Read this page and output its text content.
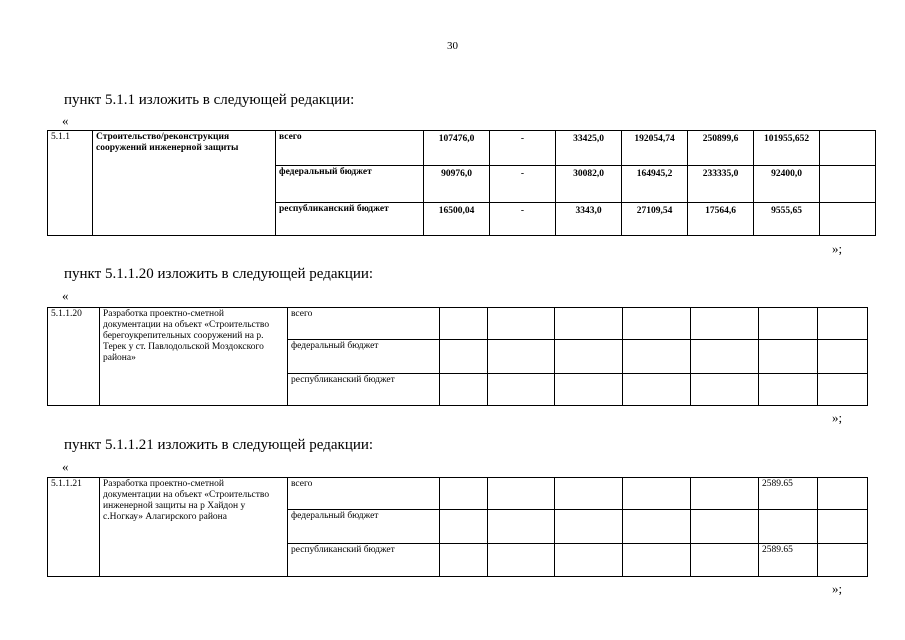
30
пункт 5.1.1 изложить в следующей редакции:
«
5.1.1	Строительство/реконструкция сооружений инженерной защиты	всего	107476,0	-	33425,0	192054,74	250899,6	101955,652	
		федеральный бюджет	90976,0	-	30082,0	164945,2	233335,0	92400,0	
		республиканский бюджет	16500,04	-	3343,0	27109,54	17564,6	9555,65	
»;
пункт 5.1.1.20 изложить в следующей редакции:
«
5.1.1.20	Разработка проектно-сметной документации на объект «Строительство берегоукрепительных сооружений на р. Терек у ст. Павлодольской Моздокского района»	всего							
		федеральный бюджет							
		республиканский бюджет							
»;
пункт 5.1.1.21 изложить в следующей редакции:
«
5.1.1.21	Разработка проектно-сметной документации на объект «Строительство инженерной защиты на р Хайдон у с.Ногкау» Алагирского района	всего						2589.65	
		федеральный бюджет							
		республиканский бюджет						2589.65	
»;
